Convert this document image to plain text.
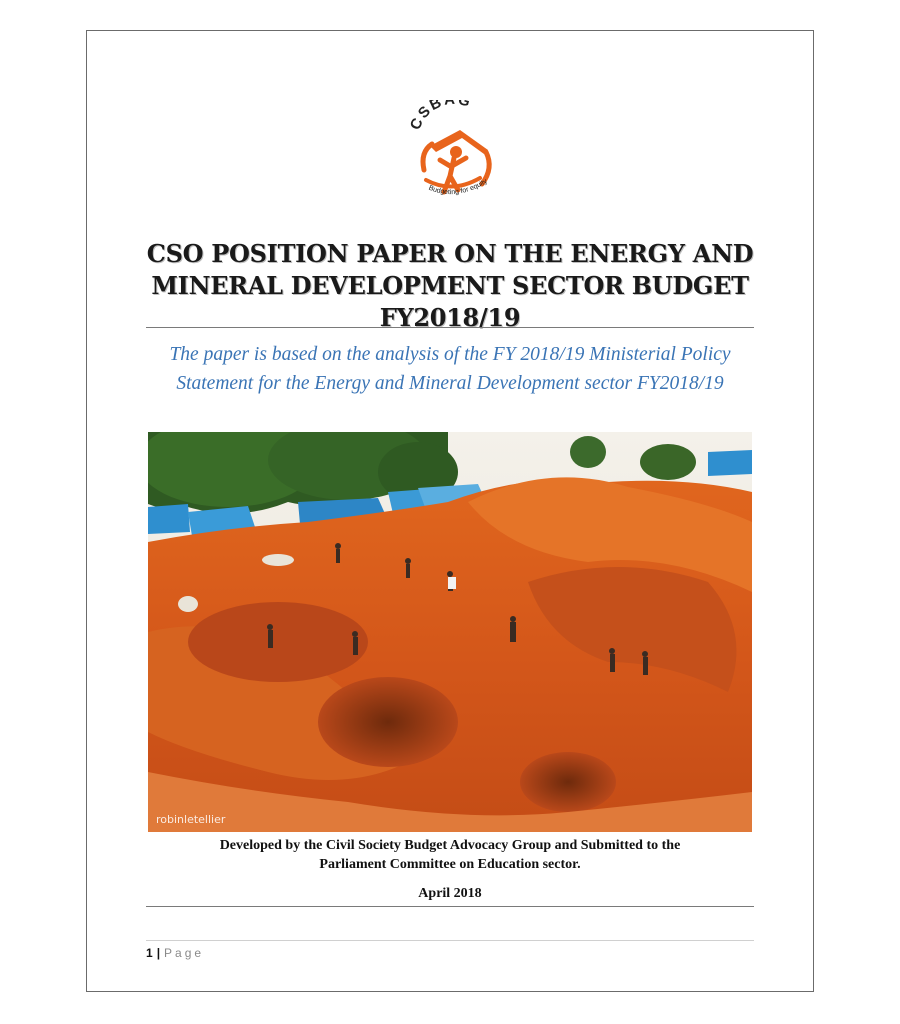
CSB G
Budgeting for equity
CSO POSITION PAPER ON THE ENERGY AND
MINERAL DEVELOPMENT SECTOR BUDGET
FY2018/19

The paper is based on the analysis of the FY 2018/19 Ministerial Policy Statement for the Energy and Mineral Development sector FY2018/19

robinletellier

Developed by the Civil Society Budget Advocacy Group and Submitted to the
Parliament Committee on Education sector.

April 2018
1 | Page
